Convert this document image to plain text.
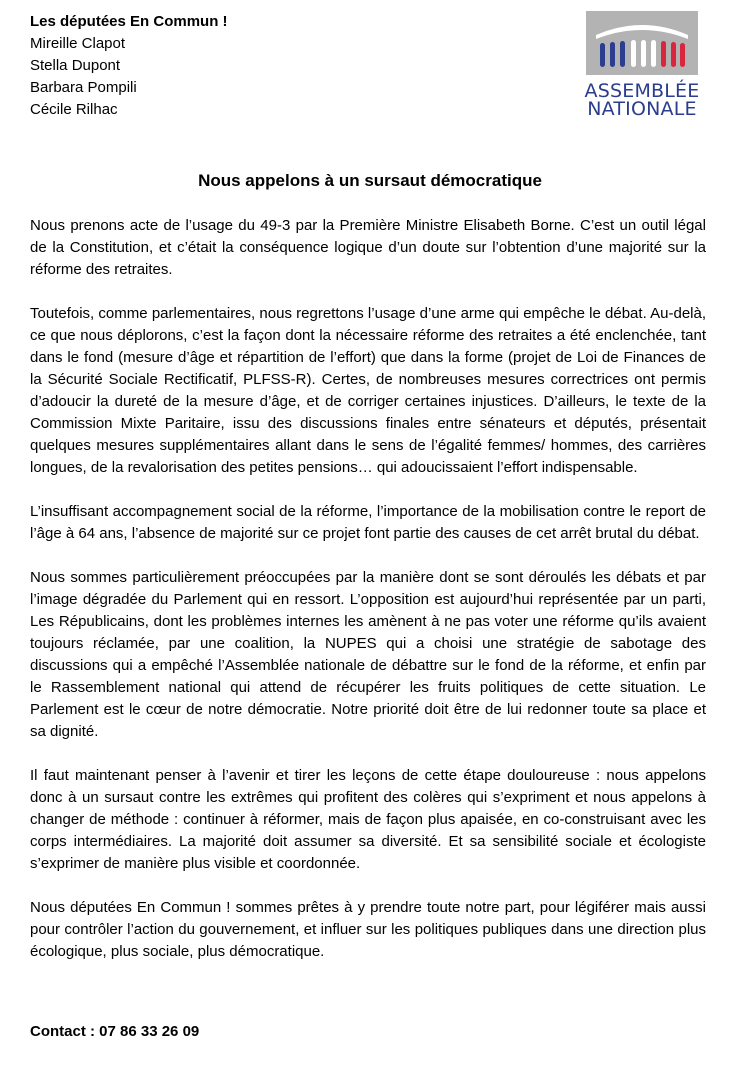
Les députées En Commun !
Mireille Clapot
Stella Dupont
Barbara Pompili
Cécile Rilhac
ASSEMBLÉE
NATIONALE
Nous appelons à un sursaut démocratique

Nous prenons acte de l’usage du 49-3 par la Première Ministre Elisabeth Borne. C’est un outil légal de la Constitution, et c’était la conséquence logique d’un doute sur l’obtention d’une majorité sur la réforme des retraites.

Toutefois, comme parlementaires, nous regrettons l’usage d’une arme qui empêche le débat. Au-delà, ce que nous déplorons, c’est la façon dont la nécessaire réforme des retraites a été enclenchée, tant dans le fond (mesure d’âge et répartition de l’effort) que dans la forme (projet de Loi de Finances de la Sécurité Sociale Rectificatif, PLFSS-R). Certes, de nombreuses mesures correctrices ont permis d’adoucir la dureté de la mesure d’âge, et de corriger certaines injustices. D’ailleurs, le texte de la Commission Mixte Paritaire, issu des discussions finales entre sénateurs et députés, présentait quelques mesures supplémentaires allant dans le sens de l’égalité femmes/ hommes, des carrières longues, de la revalorisation des petites pensions… qui adoucissaient l’effort indispensable.

L’insuffisant accompagnement social de la réforme, l’importance de la mobilisation contre le report de l’âge à 64 ans, l’absence de majorité sur ce projet font partie des causes de cet arrêt brutal du débat.

Nous sommes particulièrement préoccupées par la manière dont se sont déroulés les débats et par l’image dégradée du Parlement qui en ressort. L’opposition est aujourd’hui représentée par un parti, Les Républicains, dont les problèmes internes les amènent à ne pas voter une réforme qu’ils avaient toujours réclamée, par une coalition, la NUPES qui a choisi une stratégie de sabotage des discussions qui a empêché l’Assemblée nationale de débattre sur le fond de la réforme, et enfin par le Rassemblement national qui attend de récupérer les fruits politiques de cette situation. Le Parlement est le cœur de notre démocratie. Notre priorité doit être de lui redonner toute sa place et sa dignité.

Il faut maintenant penser à l’avenir et tirer les leçons de cette étape douloureuse : nous appelons donc à un sursaut contre les extrêmes qui profitent des colères qui s’expriment et nous appelons à changer de méthode : continuer à réformer, mais de façon plus apaisée, en co-construisant avec les corps intermédiaires. La majorité doit assumer sa diversité. Et sa sensibilité sociale et écologiste s’exprimer de manière plus visible et coordonnée.

Nous députées En Commun ! sommes prêtes à y prendre toute notre part, pour légiférer mais aussi pour contrôler l’action du gouvernement, et influer sur les politiques publiques dans une direction plus écologique, plus sociale, plus démocratique.

Contact : 07 86 33 26 09
